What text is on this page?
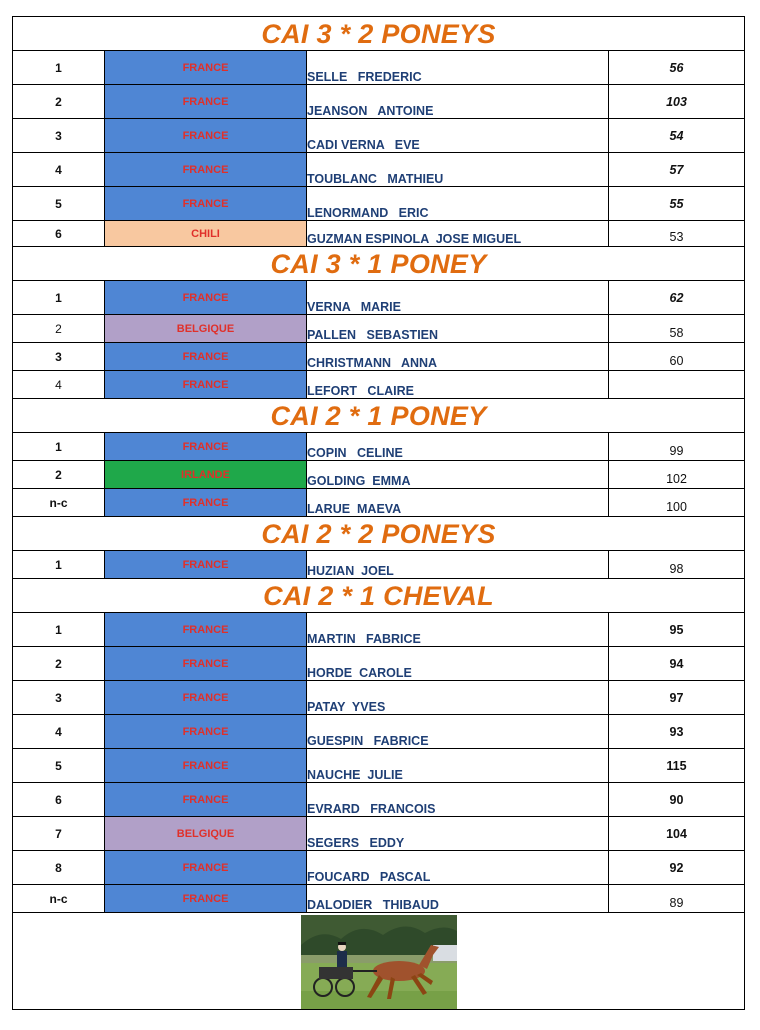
CAI 3 * 2 PONEYS			
1	FRANCE	SELLE   FREDERIC	56
2	FRANCE	JEANSON   ANTOINE	103
3	FRANCE	CADI VERNA   EVE	54
4	FRANCE	TOUBLANC   MATHIEU	57
5	FRANCE	LENORMAND   ERIC	55
6	CHILI	GUZMAN ESPINOLA  JOSE MIGUEL	53
CAI 3 * 1 PONEY			
1	FRANCE	VERNA   MARIE	62
2	BELGIQUE	PALLEN   SEBASTIEN	58
3	FRANCE	CHRISTMANN   ANNA	60
4	FRANCE	LEFORT   CLAIRE	
CAI 2 * 1 PONEY			
1	FRANCE	COPIN   CELINE	99
2	IRLANDE	GOLDING  EMMA	102
n-c	FRANCE	LARUE  MAEVA	100
CAI 2 * 2 PONEYS			
1	FRANCE	HUZIAN  JOEL	98
CAI 2 * 1 CHEVAL			
1	FRANCE	MARTIN   FABRICE	95
2	FRANCE	HORDE  CAROLE	94
3	FRANCE	PATAY  YVES	97
4	FRANCE	GUESPIN   FABRICE	93
5	FRANCE	NAUCHE  JULIE	115
6	FRANCE	EVRARD   FRANCOIS	90
7	BELGIQUE	SEGERS   EDDY	104
8	FRANCE	FOUCARD   PASCAL	92
n-c	FRANCE	DALODIER   THIBAUD	89
